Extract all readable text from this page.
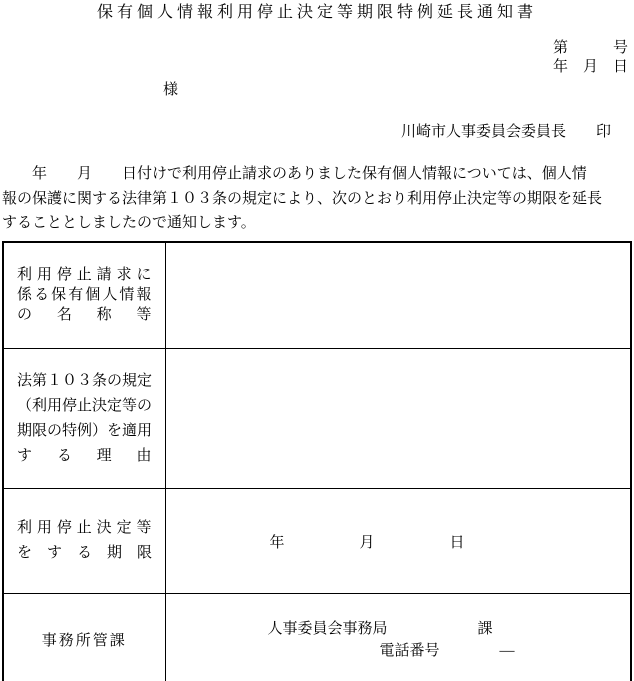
保有個人情報利用停止決定等期限特例延長通知書
第　　　号
年　月　日
様
川崎市人事委員会委員長　　印
　　年　　月　　日付けで利用停止請求のありました保有個人情報については、個人情
報の保護に関する法律第１０３条の規定により、次のとおり利用停止決定等の期限を延長
することとしましたので通知します。
利用停止請求に
係る保有個人情報
の　名　称　等	

法第１０３条の規定
（利用停止決定等の
期限の特例）を適用
す　る　理　由	

利用停止決定等
を　す　る　期　限	年　　　　　月　　　　　日

事務所管課	人事委員会事務局　　　　　　課
電話番号　　　　―
